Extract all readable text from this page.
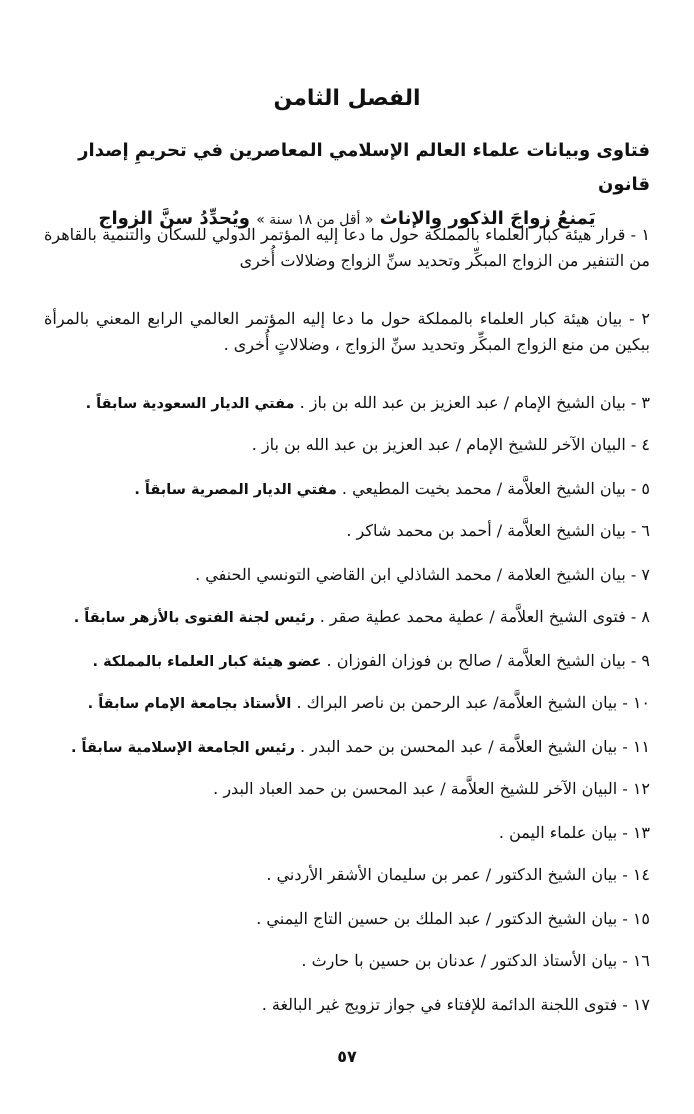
الفصل الثامن
فتاوى وبيانات علماء العالم الإسلامي المعاصرين في تحريمِ إصدار قانون
يَمنعُ زواجَ الذكور والإناث « أقل من ١٨ سنة » ويُحدِّدُ سنَّ الزواج
١ - قرار هيئة كبار العلماء بالمملكة حول ما دعا إليه المؤتمر الدولي للسكان والتنمية بالقاهرة من التنفير من الزواج المبكِّر وتحديد سنِّ الزواج وضلالات أُخرى
٢ - بيان هيئة كبار العلماء بالمملكة حول ما دعا إليه المؤتمر العالمي الرابع المعني بالمرأة ببكين من منع الزواج المبكِّر وتحديد سنِّ الزواج ، وضلالاتٍ أُخرى .
٣ - بيان الشيخ الإمام / عبد العزيز بن عبد الله بن باز . مفتي الديار السعودية سابقاً .
٤ - البيان الآخر للشيخ الإمام / عبد العزيز بن عبد الله بن باز .
٥ - بيان الشيخ العلاَّمة / محمد بخيت المطيعي . مفتي الديار المصرية سابقاً .
٦ - بيان الشيخ العلاَّمة / أحمد بن محمد شاكر .
٧ - بيان الشيخ العلامة / محمد الشاذلي ابن القاضي التونسي الحنفي .
٨ - فتوى الشيخ العلاَّمة / عطية محمد عطية صقر . رئيس لجنة الفتوى بالأزهر سابقاً .
٩ - بيان الشيخ العلاَّمة / صالح بن فوزان الفوزان . عضو هيئة كبار العلماء بالمملكة .
١٠ - بيان الشيخ العلاَّمة/ عبد الرحمن بن ناصر البراك . الأستاذ بجامعة الإمام سابقاً .
١١ - بيان الشيخ العلاَّمة / عبد المحسن بن حمد البدر . رئيس الجامعة الإسلامية سابقاً .
١٢ - البيان الآخر للشيخ العلاَّمة / عبد المحسن بن حمد العباد البدر .
١٣ - بيان علماء اليمن .
١٤ - بيان الشيخ الدكتور / عمر بن سليمان الأشقر الأردني .
١٥ - بيان الشيخ الدكتور / عبد الملك بن حسين التاج اليمني .
١٦ - بيان الأستاذ الدكتور / عدنان بن حسين با حارث .
١٧ - فتوى اللجنة الدائمة للإفتاء في جواز تزويج غير البالغة .
٥٧
